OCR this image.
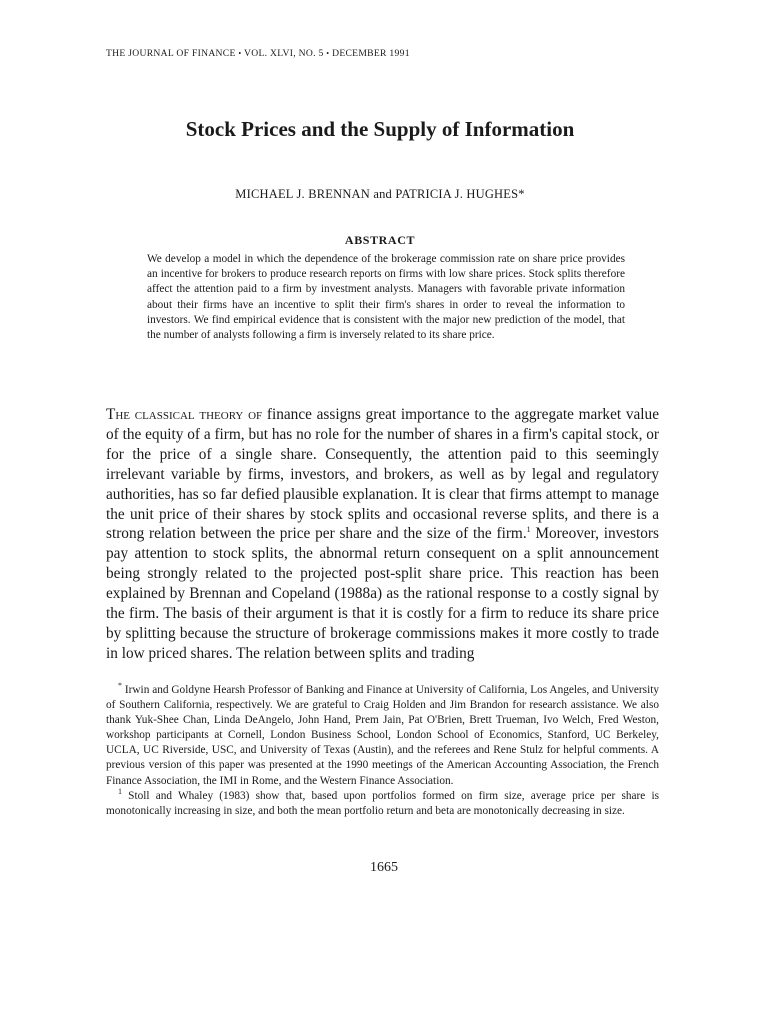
THE JOURNAL OF FINANCE • VOL. XLVI, NO. 5 • DECEMBER 1991
Stock Prices and the Supply of Information
MICHAEL J. BRENNAN and PATRICIA J. HUGHES*
ABSTRACT
We develop a model in which the dependence of the brokerage commission rate on share price provides an incentive for brokers to produce research reports on firms with low share prices. Stock splits therefore affect the attention paid to a firm by investment analysts. Managers with favorable private information about their firms have an incentive to split their firm's shares in order to reveal the information to investors. We find empirical evidence that is consistent with the major new prediction of the model, that the number of analysts following a firm is inversely related to its share price.
The classical theory of finance assigns great importance to the aggregate market value of the equity of a firm, but has no role for the number of shares in a firm's capital stock, or for the price of a single share. Consequently, the attention paid to this seemingly irrelevant variable by firms, investors, and brokers, as well as by legal and regulatory authorities, has so far defied plausible explanation. It is clear that firms attempt to manage the unit price of their shares by stock splits and occasional reverse splits, and there is a strong relation between the price per share and the size of the firm.$^1$ Moreover, investors pay attention to stock splits, the abnormal return consequent on a split announcement being strongly related to the projected post-split share price. This reaction has been explained by Brennan and Copeland (1988a) as the rational response to a costly signal by the firm. The basis of their argument is that it is costly for a firm to reduce its share price by splitting because the structure of brokerage commissions makes it more costly to trade in low priced shares. The relation between splits and trading

* Irwin and Goldyne Hearsh Professor of Banking and Finance at University of California, Los Angeles, and University of Southern California, respectively. We are grateful to Craig Holden and Jim Brandon for research assistance. We also thank Yuk-Shee Chan, Linda DeAngelo, John Hand, Prem Jain, Pat O'Brien, Brett Trueman, Ivo Welch, Fred Weston, workshop participants at Cornell, London Business School, London School of Economics, Stanford, UC Berkeley, UCLA, UC Riverside, USC, and University of Texas (Austin), and the referees and Rene Stulz for helpful comments. A previous version of this paper was presented at the 1990 meetings of the American Accounting Association, the French Finance Association, the IMI in Rome, and the Western Finance Association.

$^1$ Stoll and Whaley (1983) show that, based upon portfolios formed on firm size, average price per share is monotonically increasing in size, and both the mean portfolio return and beta are monotonically decreasing in size.

1665
